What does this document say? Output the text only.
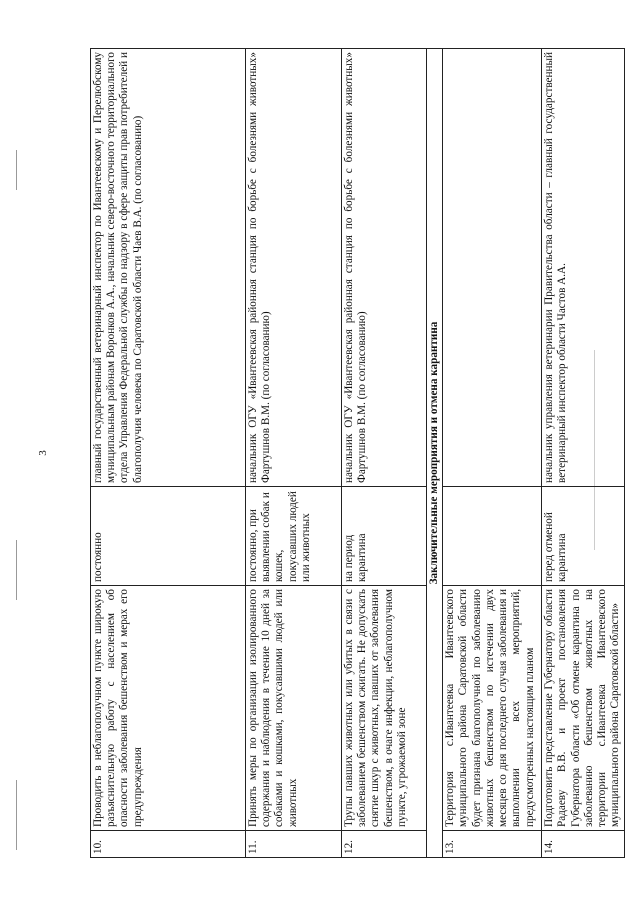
3
10.	Проводить в неблагополучном пункте широкую разъяснительную работу с населением об опасности заболевания бешенством и мерах его предупреждения	постоянно	главный государственный ветеринарный инспектор по Ивантеевскому и Перелюбскому муниципальным районам Воронков А.А., начальник северо-восточного территориального отдела Управления Федеральной службы по надзору в сфере защиты прав потребителей и благополучия человека по Саратовской области Чаев В.А. (по согласованию)
11.	Принять меры по организации изолированного содержания и наблюдения в течение 10 дней за собаками и кошками, покусавшими людей или животных	постоянно, при выявлении собак и кошек, покусавших людей или животных	начальник ОГУ «Ивантеевская районная станция по борьбе с болезнями животных» Фартушнов В.М. (по согласованию)
12.	Трупы павших животных или убитых в связи с заболеванием бешенством сжигать. Не допускать снятие шкур с животных, павших от заболевания бешенством, в очаге инфекции, неблагополучном пункте, угрожаемой зоне	на период карантина	начальник ОГУ «Ивантеевская районная станция по борьбе с болезнями животных» Фартушнов В.М. (по согласованию)
Заключительные мероприятия и отмена карантина			
13.	Территория с.Ивантеевка Ивантеевского муниципального района Саратовской области будет признана благополучной по заболеванию животных бешенством по истечении двух месяцев со дня последнего случая заболевания и выполнении всех мероприятий, предусмотренных настоящим планом		
14.	Подготовить представление Губернатору области Радаеву В.В. и проект постановления Губернатора области «Об отмене карантина по заболеванию бешенством животных на территории с.Ивантеевка Ивантеевского муниципального района Саратовской области»	перед отменой карантина	начальник управления ветеринарии Правительства области – главный государственный ветеринарный инспектор области Частов А.А.
